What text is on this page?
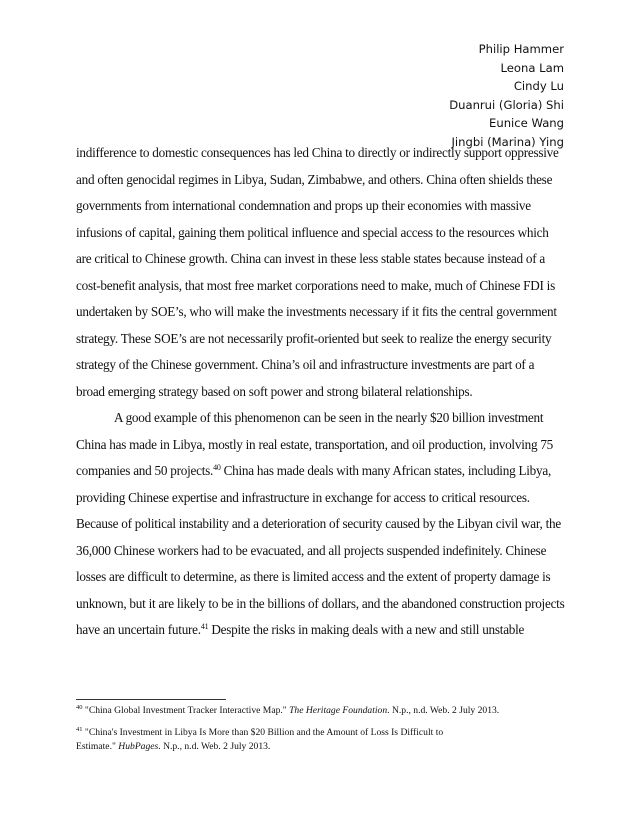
Philip Hammer
Leona Lam
Cindy Lu
Duanrui (Gloria) Shi
Eunice Wang
Jingbi (Marina) Ying

indifference to domestic consequences has led China to directly or indirectly support oppressive
and often genocidal regimes in Libya, Sudan, Zimbabwe, and others. China often shields these
governments from international condemnation and props up their economies with massive
infusions of capital, gaining them political influence and special access to the resources which
are critical to Chinese growth. China can invest in these less stable states because instead of a
cost-benefit analysis, that most free market corporations need to make, much of Chinese FDI is
undertaken by SOE’s, who will make the investments necessary if it fits the central government
strategy. These SOE’s are not necessarily profit-oriented but seek to realize the energy security
strategy of the Chinese government. China’s oil and infrastructure investments are part of a
broad emerging strategy based on soft power and strong bilateral relationships.

A good example of this phenomenon can be seen in the nearly $20 billion investment
China has made in Libya, mostly in real estate, transportation, and oil production, involving 75
companies and 50 projects.$^{40}$ China has made deals with many African states, including Libya,
providing Chinese expertise and infrastructure in exchange for access to critical resources.
Because of political instability and a deterioration of security caused by the Libyan civil war, the
36,000 Chinese workers had to be evacuated, and all projects suspended indefinitely. Chinese
losses are difficult to determine, as there is limited access and the extent of property damage is
unknown, but it are likely to be in the billions of dollars, and the abandoned construction projects
have an uncertain future.$^{41}$ Despite the risks in making deals with a new and still unstable

$^{40}$ "China Global Investment Tracker Interactive Map." The Heritage Foundation. N.p., n.d. Web. 2 July 2013.
$^{41}$ "China's Investment in Libya Is More than $20 Billion and the Amount of Loss Is Difficult to
Estimate." HubPages. N.p., n.d. Web. 2 July 2013.
